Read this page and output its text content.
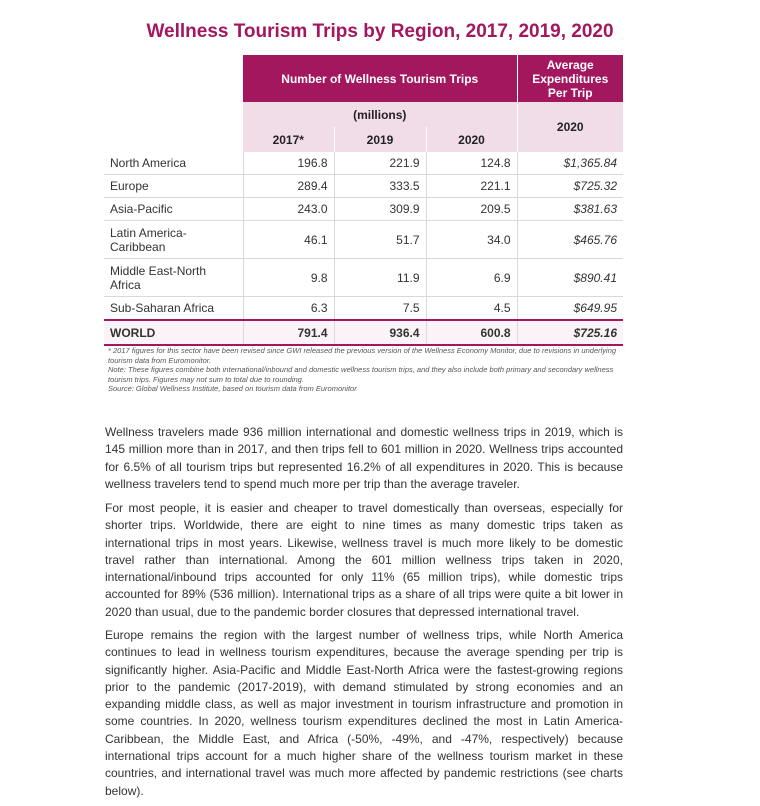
Wellness Tourism Trips by Region, 2017, 2019, 2020
	Number of Wellness Tourism Trips			Average Expenditures Per Trip
	(millions)			2020
	2017*	2019	2020	
North America	196.8	221.9	124.8	$1,365.84
Europe	289.4	333.5	221.1	$725.32
Asia-Pacific	243.0	309.9	209.5	$381.63
Latin America-Caribbean	46.1	51.7	34.0	$465.76
Middle East-North Africa	9.8	11.9	6.9	$890.41
Sub-Saharan Africa	6.3	7.5	4.5	$649.95
WORLD	791.4	936.4	600.8	$725.16
* 2017 figures for this sector have been revised since GWI released the previous version of the Wellness Economy Monitor, due to revisions in underlying tourism data from Euromonitor.
Note: These figures combine both international/inbound and domestic wellness tourism trips, and they also include both primary and secondary wellness tourism trips. Figures may not sum to total due to rounding.
Source: Global Wellness Institute, based on tourism data from Euromonitor

Wellness travelers made 936 million international and domestic wellness trips in 2019, which is 145 million more than in 2017, and then trips fell to 601 million in 2020. Wellness trips accounted for 6.5% of all tourism trips but represented 16.2% of all expenditures in 2020. This is because wellness travelers tend to spend much more per trip than the average traveler.

For most people, it is easier and cheaper to travel domestically than overseas, especially for shorter trips. Worldwide, there are eight to nine times as many domestic trips taken as international trips in most years. Likewise, wellness travel is much more likely to be domestic travel rather than international. Among the 601 million wellness trips taken in 2020, international/inbound trips accounted for only 11% (65 million trips), while domestic trips accounted for 89% (536 million). International trips as a share of all trips were quite a bit lower in 2020 than usual, due to the pandemic border closures that depressed international travel.

Europe remains the region with the largest number of wellness trips, while North America continues to lead in wellness tourism expenditures, because the average spending per trip is significantly higher. Asia-Pacific and Middle East-North Africa were the fastest-growing regions prior to the pandemic (2017-2019), with demand stimulated by strong economies and an expanding middle class, as well as major investment in tourism infrastructure and promotion in some countries. In 2020, wellness tourism expenditures declined the most in Latin America-Caribbean, the Middle East, and Africa (-50%, -49%, and -47%, respectively) because international trips account for a much higher share of the wellness tourism market in these countries, and international travel was much more affected by pandemic restrictions (see charts below).
